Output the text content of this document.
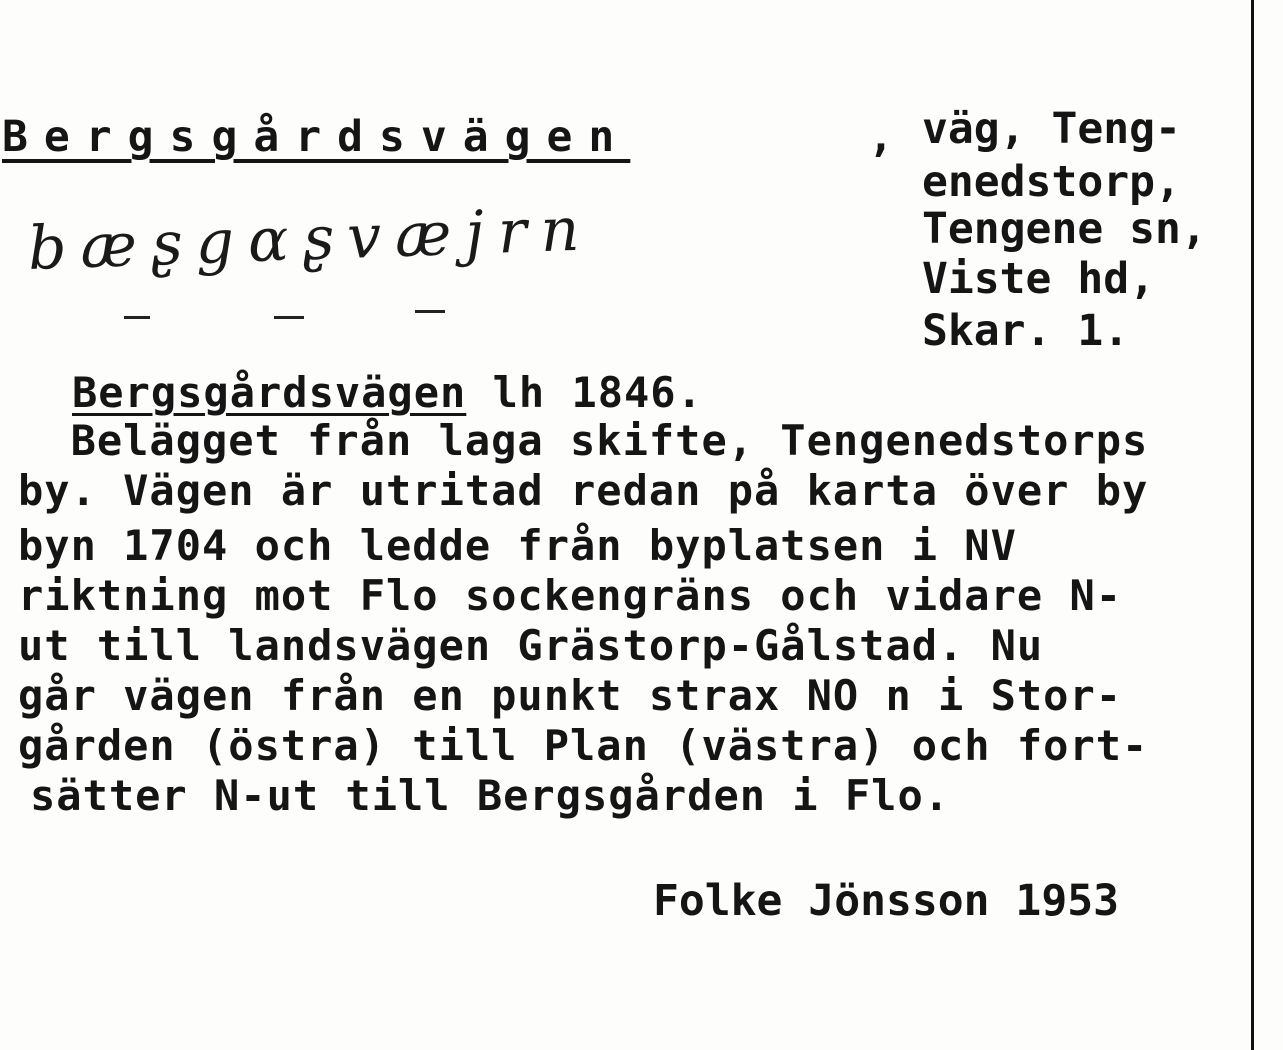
Bergsgårdsvägen	, väg, Teng-
enedstorp,
Tengene sn,
Viste hd,
Skar. 1.
bæʂgɑʂvæjrn
Bergsgårdsvägen lh 1846.
Belägget från laga skifte, Tengenedstorps
by. Vägen är utritad redan på karta över by
byn 1704 och ledde från byplatsen i NV
riktning mot Flo sockengräns och vidare N-
ut till landsvägen Grästorp-Gålstad. Nu
går vägen från en punkt strax NO n i Stor-
gården (östra) till Plan (västra) och fort-
sätter N-ut till Bergsgården i Flo.
Folke Jönsson 1953
